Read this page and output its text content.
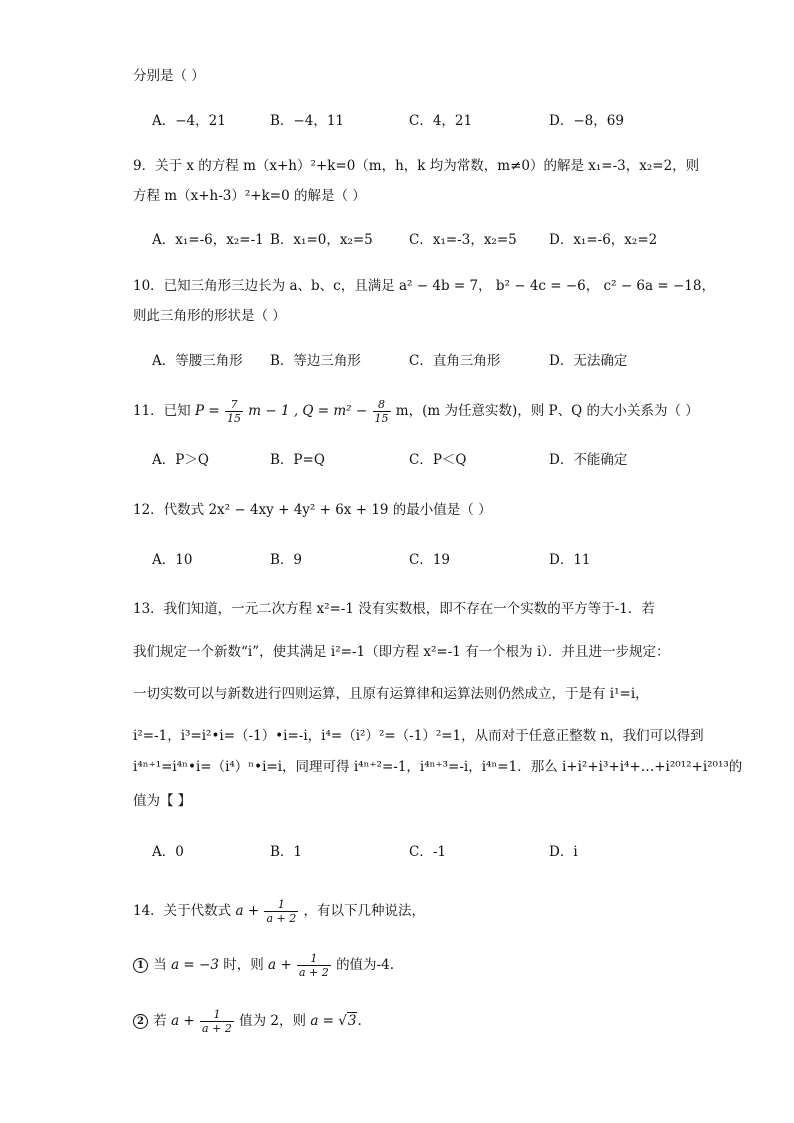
分别是（ ）
A．−4，21	B．−4，11	C．4，21	D．−8，69
9．关于 x 的方程 m（x+h）²+k=0（m，h，k 均为常数，m≠0）的解是 x₁=-3，x₂=2，则
方程 m（x+h-3）²+k=0 的解是（ ）
A．x₁=-6，x₂=-1 B．x₁=0，x₂=5	C．x₁=-3，x₂=5 D．x₁=-6，x₂=2
10．已知三角形三边长为 a、b、c，且满足 a² − 4b = 7， b² − 4c = −6， c² − 6a = −18，
则此三角形的形状是（ ）
A．等腰三角形 B．等边三角形	C．直角三角形	D．无法确定
11．已知 $P = \frac{7}{15}$ m − 1 , $Q = m^2 - \frac{8}{15}$ m，(m 为任意实数)，则 P、Q 的大小关系为（ ）
A．P＞Q	B．P=Q	C．P＜Q	D．不能确定
12．代数式 2x² − 4xy + 4y² + 6x + 19 的最小值是（ ）
A．10	B．9	C．19	D．11
13．我们知道，一元二次方程 x²=-1 没有实数根，即不存在一个实数的平方等于-1．若
我们规定一个新数“i”，使其满足 i²=-1（即方程 x²=-1 有一个根为 i）．并且进一步规定：
一切实数可以与新数进行四则运算，且原有运算律和运算法则仍然成立，于是有 i¹=i，
i²=-1，i³=i²•i=（-1）•i=-i，i⁴=（i²）²=（-1）²=1，从而对于任意正整数 n，我们可以得到
i⁴ⁿ⁺¹=i⁴ⁿ•i=（i⁴）ⁿ•i=i，同理可得 i⁴ⁿ⁺²=-1，i⁴ⁿ⁺³=-i，i⁴ⁿ=1．那么 i+i²+i³+i⁴+…+i²⁰¹²+i²⁰¹³的
值为【 】
A．0	B．1	C．-1	D．i
14．关于代数式 $a + \frac{1}{a + 2}$ ，有以下几种说法，
1 当 a = −3 时，则 $a + \frac{1}{a + 2}$ 的值为-4.
2 若 $a + \frac{1}{a + 2}$ 值为 2，则 a = √3.
